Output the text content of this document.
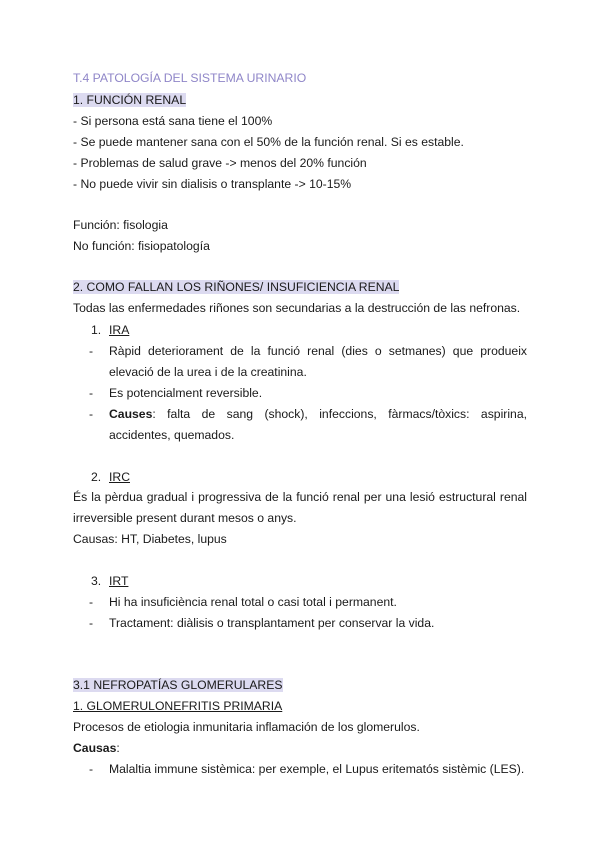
T.4 PATOLOGÍA DEL SISTEMA URINARIO
1. FUNCIÓN RENAL
- Si persona está sana tiene el 100%
- Se puede mantener sana con el 50% de la función renal. Si es estable.
- Problemas de salud grave -> menos del 20% función
- No puede vivir sin dialisis o transplante -> 10-15%
Función: fisologia
No función: fisiopatología
2. COMO FALLAN LOS RIÑONES/ INSUFICIENCIA RENAL
Todas las enfermedades riñones son secundarias a la destrucción de las nefronas.
1. IRA
- Ràpid deteriorament de la funció renal (dies o setmanes) que produeix
elevació de la urea i de la creatinina.
- Es potencialment reversible.
- Causes: falta de sang (shock), infeccions, fàrmacs/tòxics: aspirina,
accidentes, quemados.
2. IRC
És la pèrdua gradual i progressiva de la funció renal per una lesió estructural renal
irreversible present durant mesos o anys.
Causas: HT, Diabetes, lupus
3. IRT
- Hi ha insuficiència renal total o casi total i permanent.
- Tractament: diàlisis o transplantament per conservar la vida.
3.1 NEFROPATÍAS GLOMERULARES
1. GLOMERULONEFRITIS PRIMARIA
Procesos de etiologia inmunitaria inflamación de los glomerulos.
Causas:
- Malaltia immune sistèmica: per exemple, el Lupus eritematós sistèmic (LES).
